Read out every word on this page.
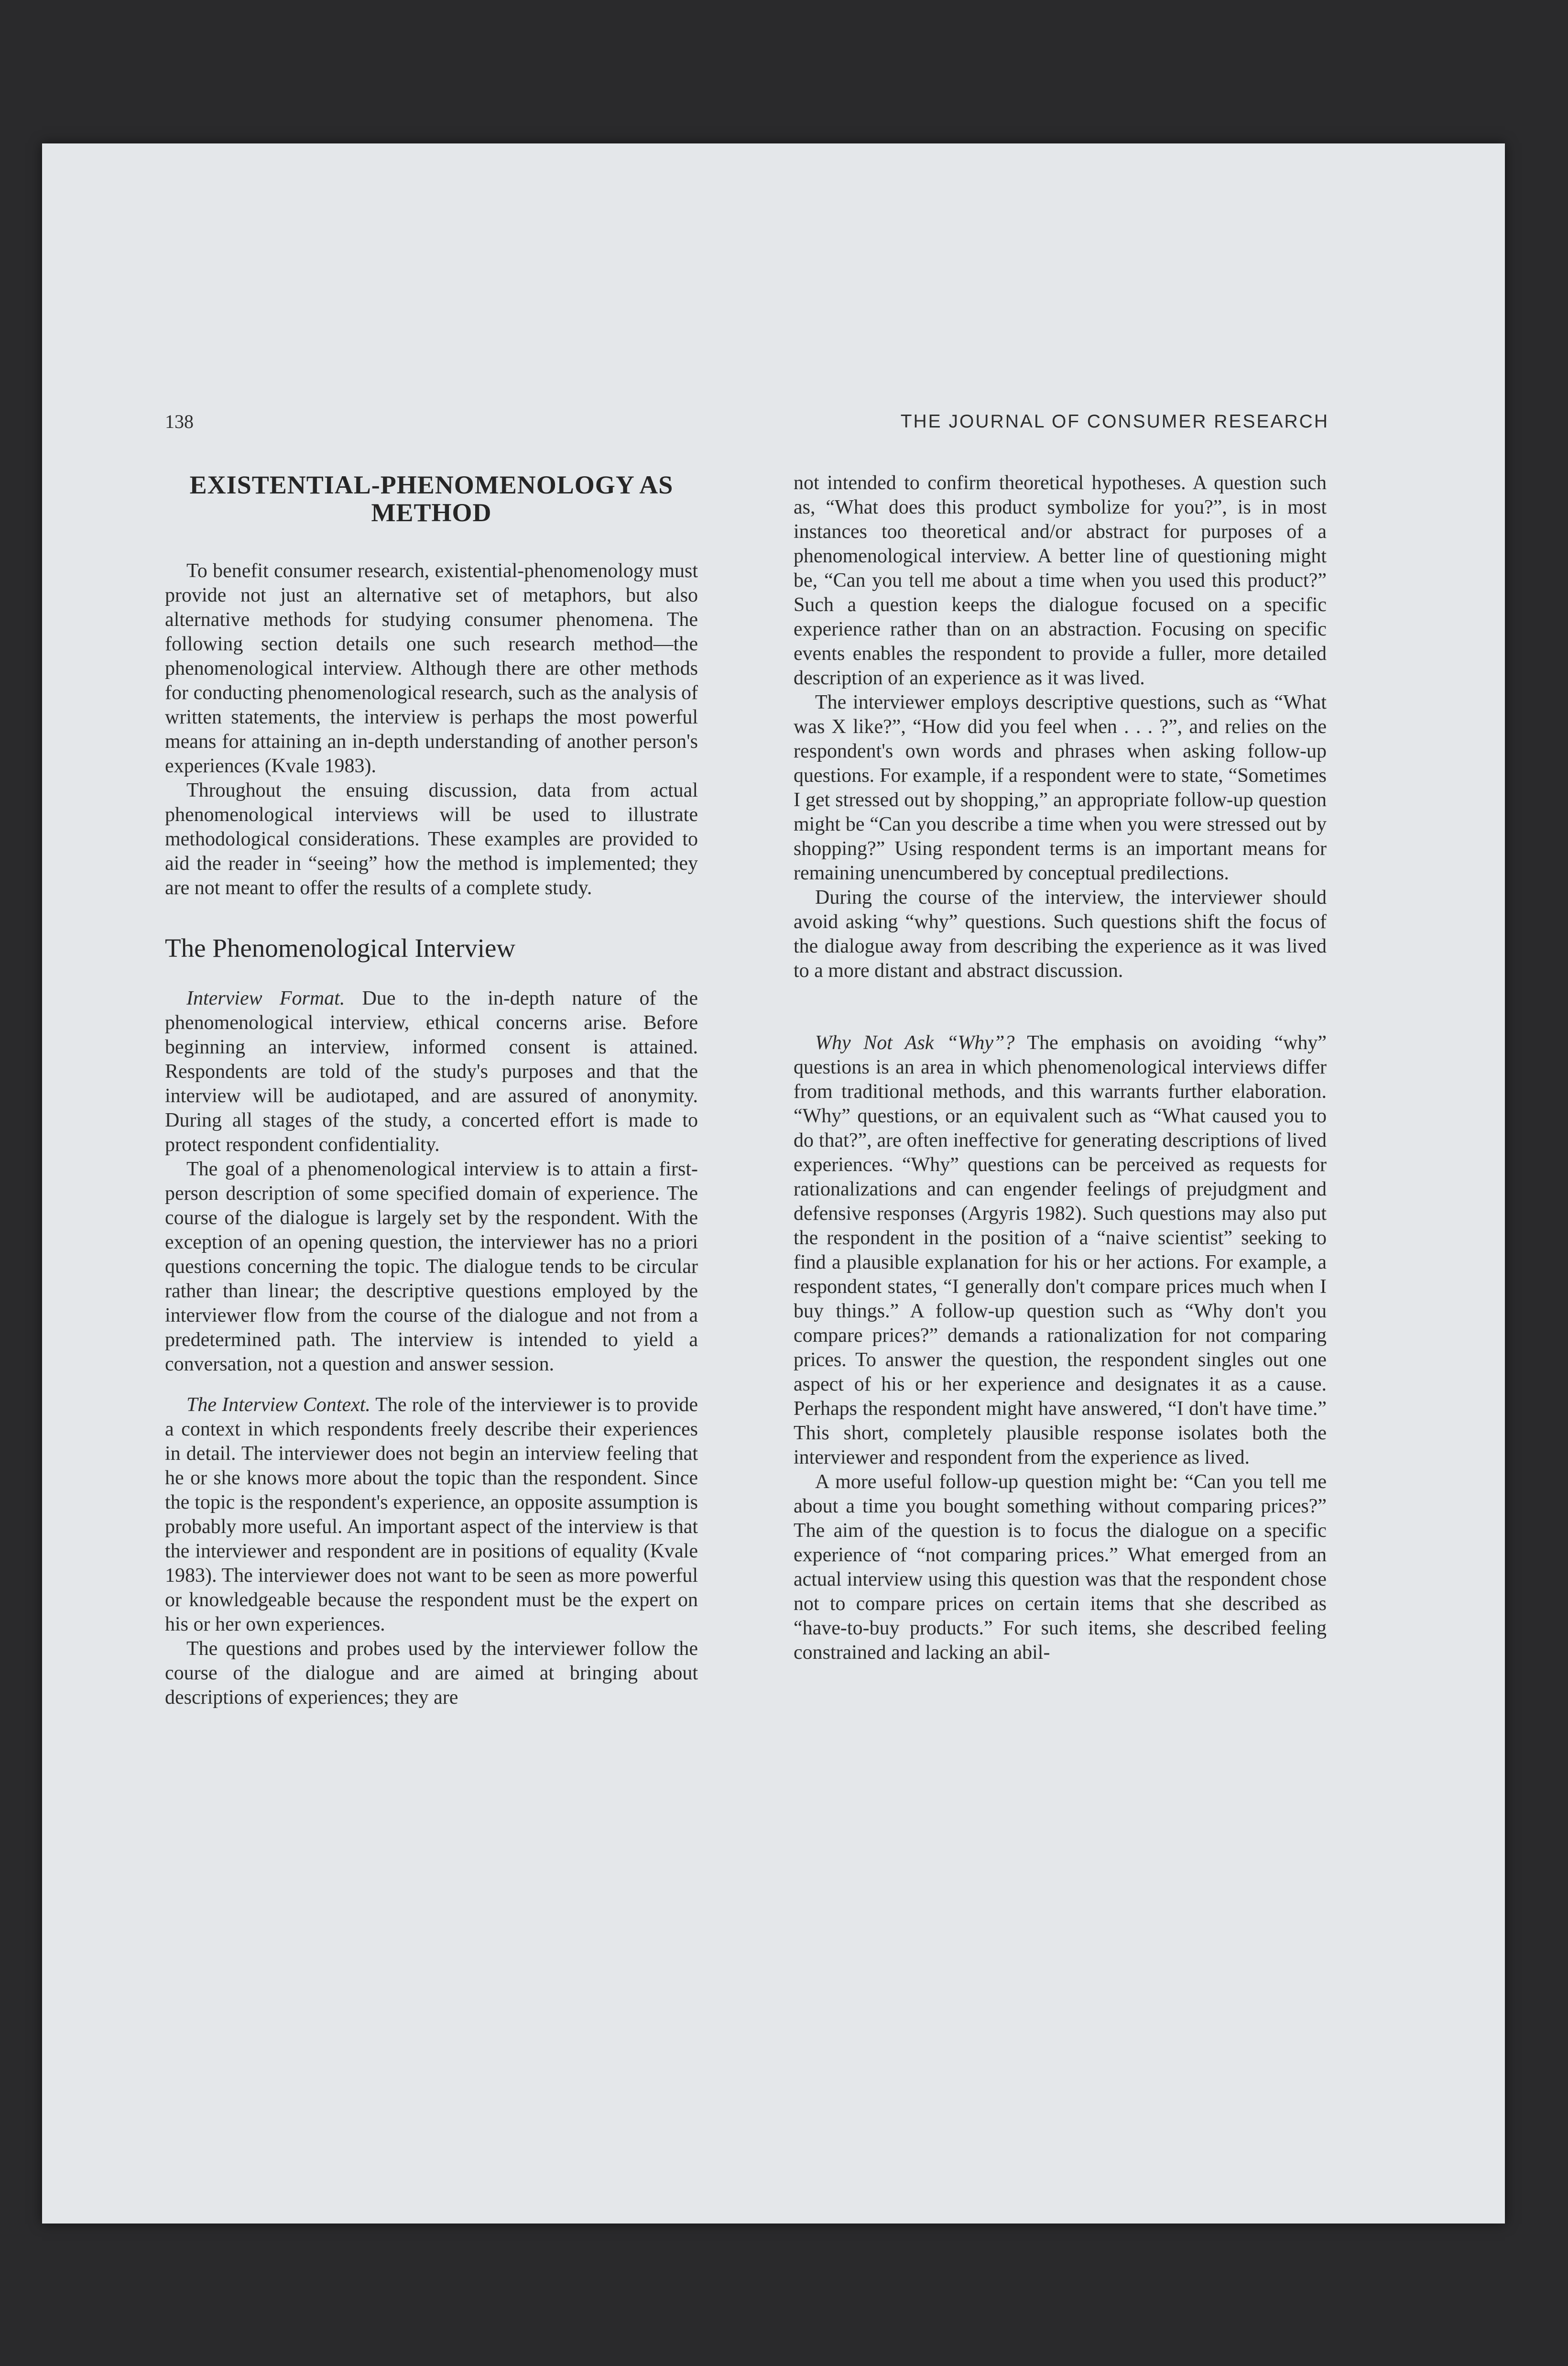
138	THE JOURNAL OF CONSUMER RESEARCH
EXISTENTIAL-PHENOMENOLOGY AS METHOD

To benefit consumer research, existential-phenomenology must provide not just an alternative set of metaphors, but also alternative methods for studying consumer phenomena. The following section details one such research method—the phenomenological interview. Although there are other methods for conducting phenomenological research, such as the analysis of written statements, the interview is perhaps the most powerful means for attaining an in-depth understanding of another person's experiences (Kvale 1983).

Throughout the ensuing discussion, data from actual phenomenological interviews will be used to illustrate methodological considerations. These examples are provided to aid the reader in “seeing” how the method is implemented; they are not meant to offer the results of a complete study.

The Phenomenological Interview

Interview Format. Due to the in-depth nature of the phenomenological interview, ethical concerns arise. Before beginning an interview, informed consent is attained. Respondents are told of the study's purposes and that the interview will be audiotaped, and are assured of anonymity. During all stages of the study, a concerted effort is made to protect respondent confidentiality.

The goal of a phenomenological interview is to attain a first-person description of some specified domain of experience. The course of the dialogue is largely set by the respondent. With the exception of an opening question, the interviewer has no a priori questions concerning the topic. The dialogue tends to be circular rather than linear; the descriptive questions employed by the interviewer flow from the course of the dialogue and not from a predetermined path. The interview is intended to yield a conversation, not a question and answer session.

The Interview Context. The role of the interviewer is to provide a context in which respondents freely describe their experiences in detail. The interviewer does not begin an interview feeling that he or she knows more about the topic than the respondent. Since the topic is the respondent's experience, an opposite assumption is probably more useful. An important aspect of the interview is that the interviewer and respondent are in positions of equality (Kvale 1983). The interviewer does not want to be seen as more powerful or knowledgeable because the respondent must be the expert on his or her own experiences.

The questions and probes used by the interviewer follow the course of the dialogue and are aimed at bringing about descriptions of experiences; they are

not intended to confirm theoretical hypotheses. A question such as, “What does this product symbolize for you?”, is in most instances too theoretical and/or abstract for purposes of a phenomenological interview. A better line of questioning might be, “Can you tell me about a time when you used this product?” Such a question keeps the dialogue focused on a specific experience rather than on an abstraction. Focusing on specific events enables the respondent to provide a fuller, more detailed description of an experience as it was lived.

The interviewer employs descriptive questions, such as “What was X like?”, “How did you feel when . . . ?”, and relies on the respondent's own words and phrases when asking follow-up questions. For example, if a respondent were to state, “Sometimes I get stressed out by shopping,” an appropriate follow-up question might be “Can you describe a time when you were stressed out by shopping?” Using respondent terms is an important means for remaining unencumbered by conceptual predilections.

During the course of the interview, the interviewer should avoid asking “why” questions. Such questions shift the focus of the dialogue away from describing the experience as it was lived to a more distant and abstract discussion.

Why Not Ask “Why”? The emphasis on avoiding “why” questions is an area in which phenomenological interviews differ from traditional methods, and this warrants further elaboration. “Why” questions, or an equivalent such as “What caused you to do that?”, are often ineffective for generating descriptions of lived experiences. “Why” questions can be perceived as requests for rationalizations and can engender feelings of prejudgment and defensive responses (Argyris 1982). Such questions may also put the respondent in the position of a “naive scientist” seeking to find a plausible explanation for his or her actions. For example, a respondent states, “I generally don't compare prices much when I buy things.” A follow-up question such as “Why don't you compare prices?” demands a rationalization for not comparing prices. To answer the question, the respondent singles out one aspect of his or her experience and designates it as a cause. Perhaps the respondent might have answered, “I don't have time.” This short, completely plausible response isolates both the interviewer and respondent from the experience as lived.

A more useful follow-up question might be: “Can you tell me about a time you bought something without comparing prices?” The aim of the question is to focus the dialogue on a specific experience of “not comparing prices.” What emerged from an actual interview using this question was that the respondent chose not to compare prices on certain items that she described as “have-to-buy products.” For such items, she described feeling constrained and lacking an abil-
